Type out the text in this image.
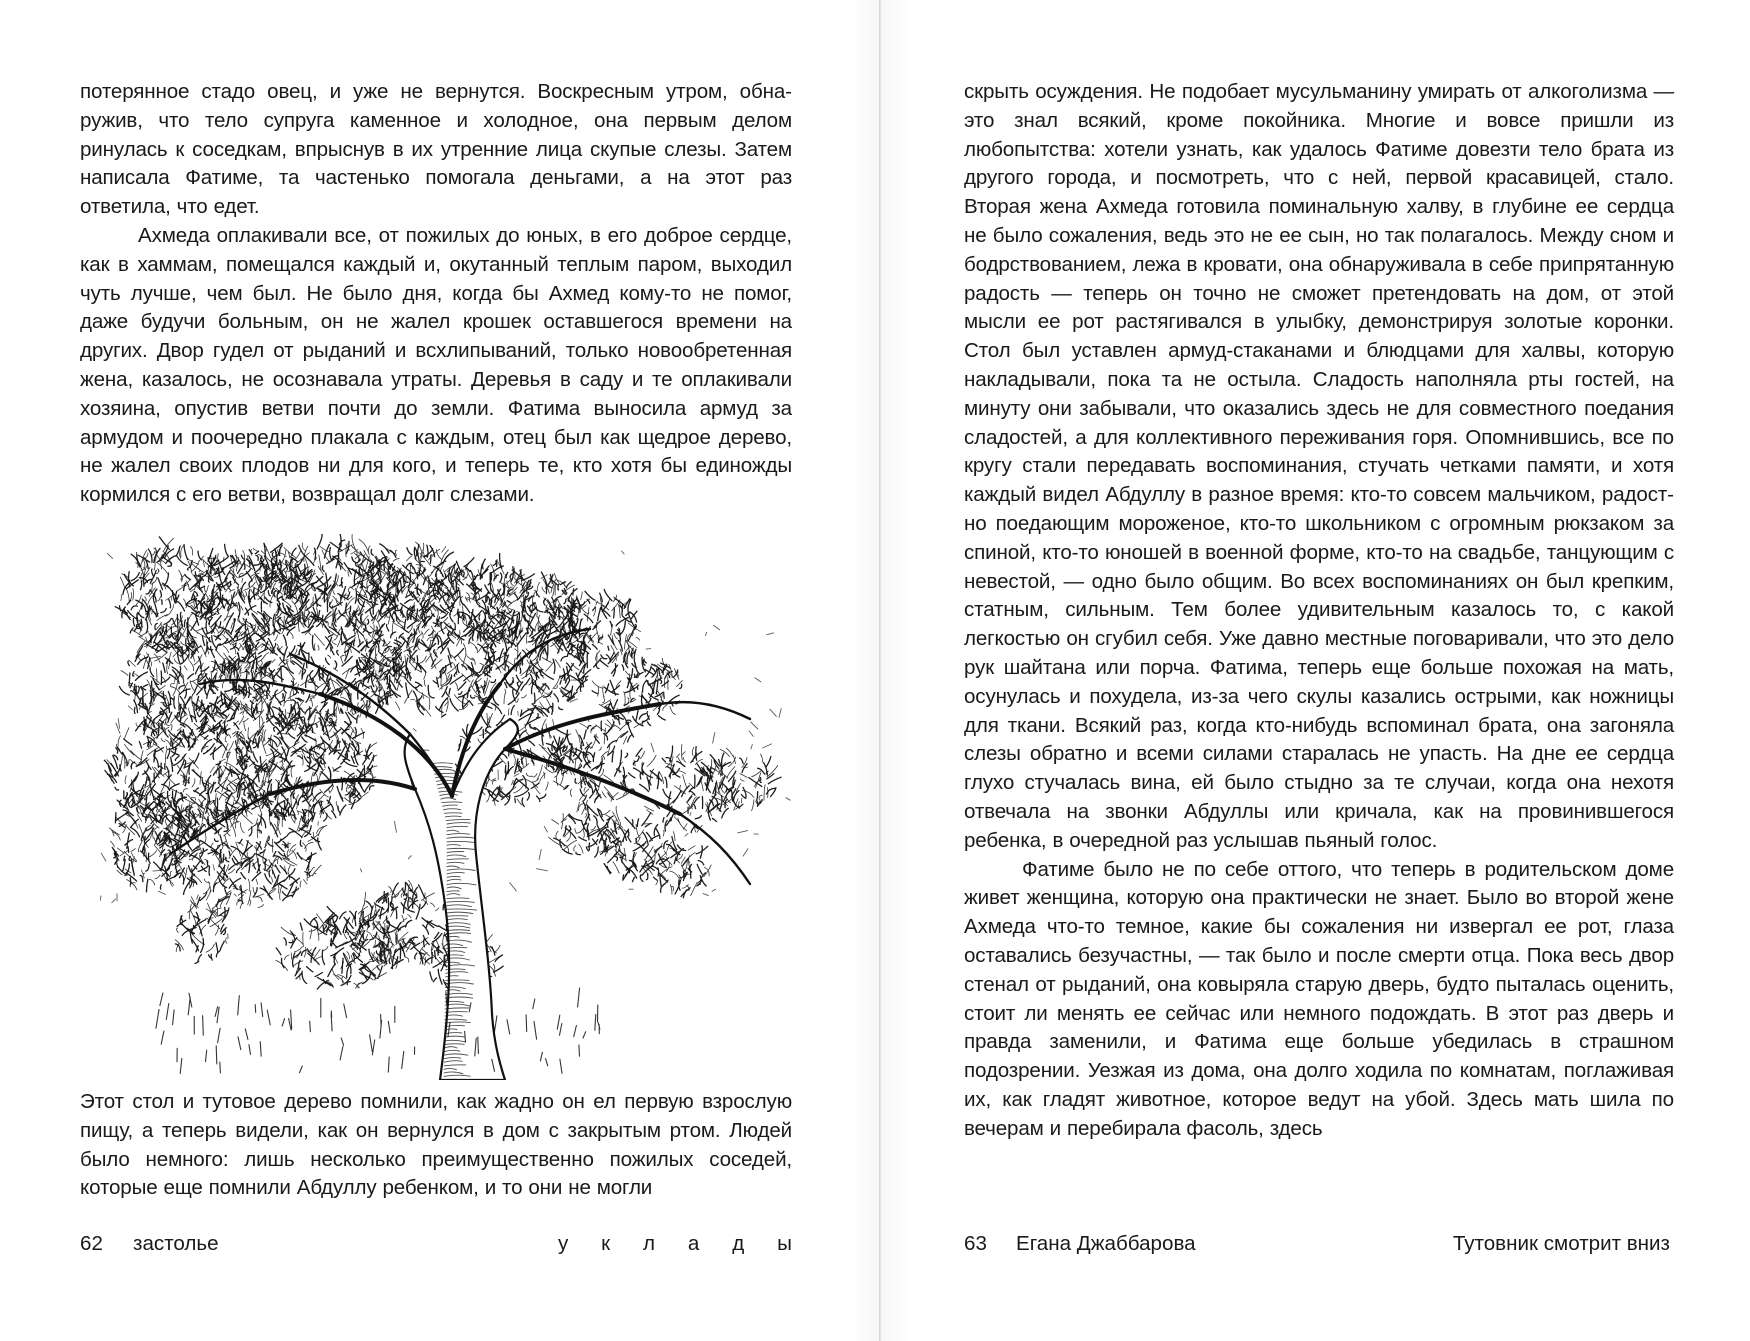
потерянное стадо овец, и уже не вернутся. Воскресным утром, обнаружив, что тело супруга каменное и холодное, она первым делом ринулась к соседкам, впрыснув в их утренние лица скупые слезы. Затем написала Фатиме, та частенько помогала деньгами, а на этот раз ответила, что едет.

Ахмеда оплакивали все, от пожилых до юных, в его доброе сердце, как в хаммам, помещался каждый и, окутанный теплым паром, выходил чуть лучше, чем был. Не было дня, когда бы Ахмед кому-то не помог, даже будучи больным, он не жалел крошек оставшегося времени на других. Двор гудел от рыданий и всхлипываний, только новообретенная жена, казалось, не осознавала утраты. Деревья в саду и те оплакивали хозяина, опустив ветви почти до земли. Фатима выносила армуд за армудом и поочередно плакала с каждым, отец был как щедрое дерево, не жалел своих плодов ни для кого, и теперь те, кто хотя бы единожды кормился с его ветви, возвращал долг слезами.

Этот стол и тутовое дерево помнили, как жадно он ел первую взрослую пищу, а теперь видели, как он вернулся в дом с закрытым ртом. Людей было немного: лишь несколько преимущественно пожилых соседей, которые еще помнили Абдуллу ребенком, и то они не могли

62 застолье	у к л а д ы

скрыть осуждения. Не подобает мусульманину умирать от алкоголизма — это знал всякий, кроме покойника. Многие и вовсе пришли из любопытства: хотели узнать, как удалось Фатиме довезти тело брата из другого города, и посмотреть, что с ней, первой красавицей, стало. Вторая жена Ахмеда готовила поминальную халву, в глубине ее сердца не было сожаления, ведь это не ее сын, но так полагалось. Между сном и бодрствованием, лежа в кровати, она обнаруживала в себе припрятанную радость — теперь он точно не сможет претендовать на дом, от этой мысли ее рот растягивался в улыбку, демонстрируя золотые коронки. Стол был уставлен армуд-стаканами и блюдцами для халвы, которую накладывали, пока та не остыла. Сладость наполняла рты гостей, на минуту они забывали, что оказались здесь не для совместного поедания сладостей, а для коллективного переживания горя. Опомнившись, все по кругу стали передавать воспоминания, стучать четками памяти, и хотя каждый видел Абдуллу в разное время: кто-то совсем мальчиком, радостно поедающим мороженое, кто-то школьником с огромным рюкзаком за спиной, кто-то юношей в военной форме, кто-то на свадьбе, танцующим с невестой, — одно было общим. Во всех воспоминаниях он был крепким, статным, сильным. Тем более удивительным казалось то, с какой легкостью он сгубил себя. Уже давно местные поговаривали, что это дело рук шайтана или порча. Фатима, теперь еще больше похожая на мать, осунулась и похудела, из-за чего скулы казались острыми, как ножницы для ткани. Всякий раз, когда кто-нибудь вспоминал брата, она загоняла слезы обратно и всеми силами старалась не упасть. На дне ее сердца глухо стучалась вина, ей было стыдно за те случаи, когда она нехотя отвечала на звонки Абдуллы или кричала, как на провинившегося ребенка, в очередной раз услышав пьяный голос.

Фатиме было не по себе оттого, что теперь в родительском доме живет женщина, которую она практически не знает. Было во второй жене Ахмеда что-то темное, какие бы сожаления ни извергал ее рот, глаза оставались безучастны, — так было и после смерти отца. Пока весь двор стенал от рыданий, она ковыряла старую дверь, будто пыталась оценить, стоит ли менять ее сейчас или немного подождать. В этот раз дверь и правда заменили, и Фатима еще больше убедилась в страшном подозрении. Уезжая из дома, она долго ходила по комнатам, поглаживая их, как гладят животное, которое ведут на убой. Здесь мать шила по вечерам и перебирала фасоль, здесь

63 Егана Джаббарова	Тутовник смотрит вниз
